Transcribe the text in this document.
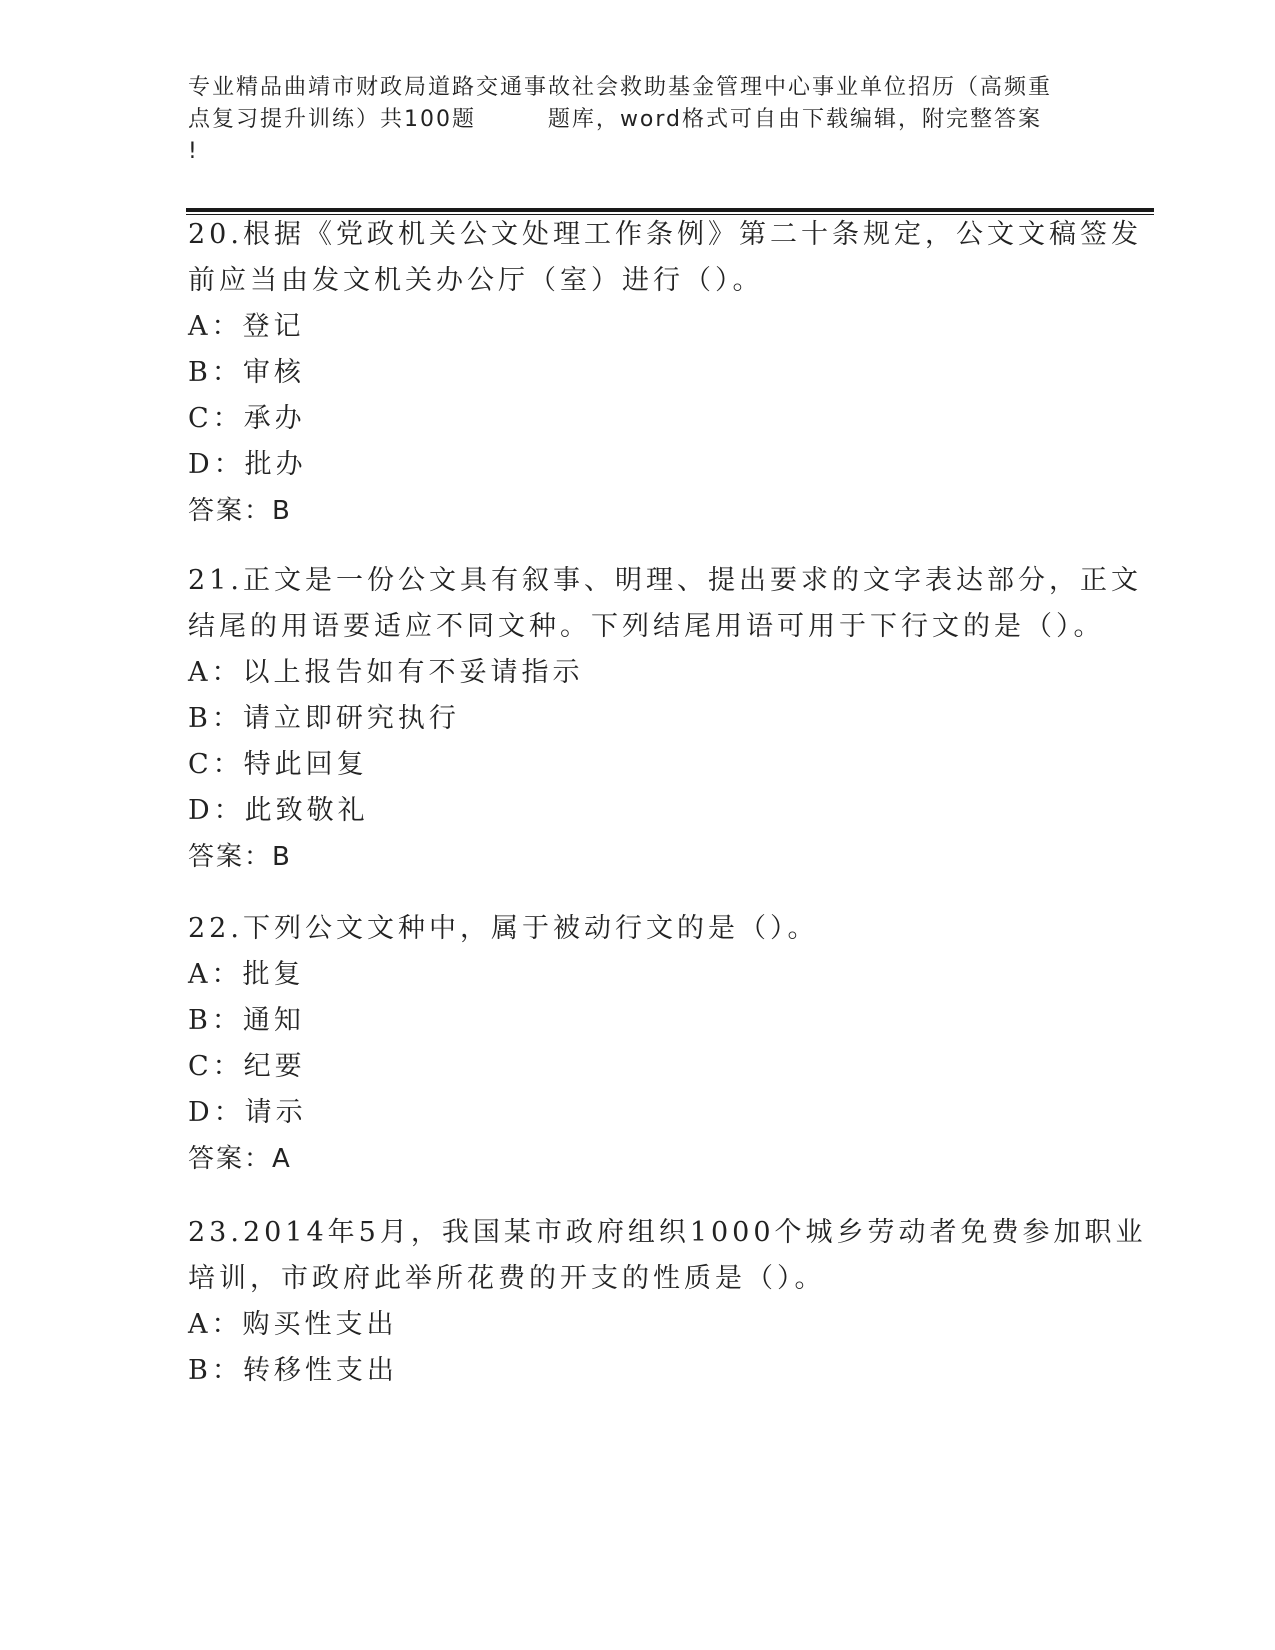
专业精品曲靖市财政局道路交通事故社会救助基金管理中心事业单位招历（高频重
点复习提升训练）共100题        题库，word格式可自由下载编辑，附完整答案
!
20.根据《党政机关公文处理工作条例》第二十条规定，公文文稿签发
前应当由发文机关办公厅（室）进行（）。
A：登记
B：审核
C：承办
D：批办
答案：B
21.正文是一份公文具有叙事、明理、提出要求的文字表达部分，正文
结尾的用语要适应不同文种。下列结尾用语可用于下行文的是（）。
A：以上报告如有不妥请指示
B：请立即研究执行
C：特此回复
D：此致敬礼
答案：B
22.下列公文文种中，属于被动行文的是（）。
A：批复
B：通知
C：纪要
D：请示
答案：A
23.2014年5月，我国某市政府组织1000个城乡劳动者免费参加职业
培训，市政府此举所花费的开支的性质是（）。
A：购买性支出
B：转移性支出
